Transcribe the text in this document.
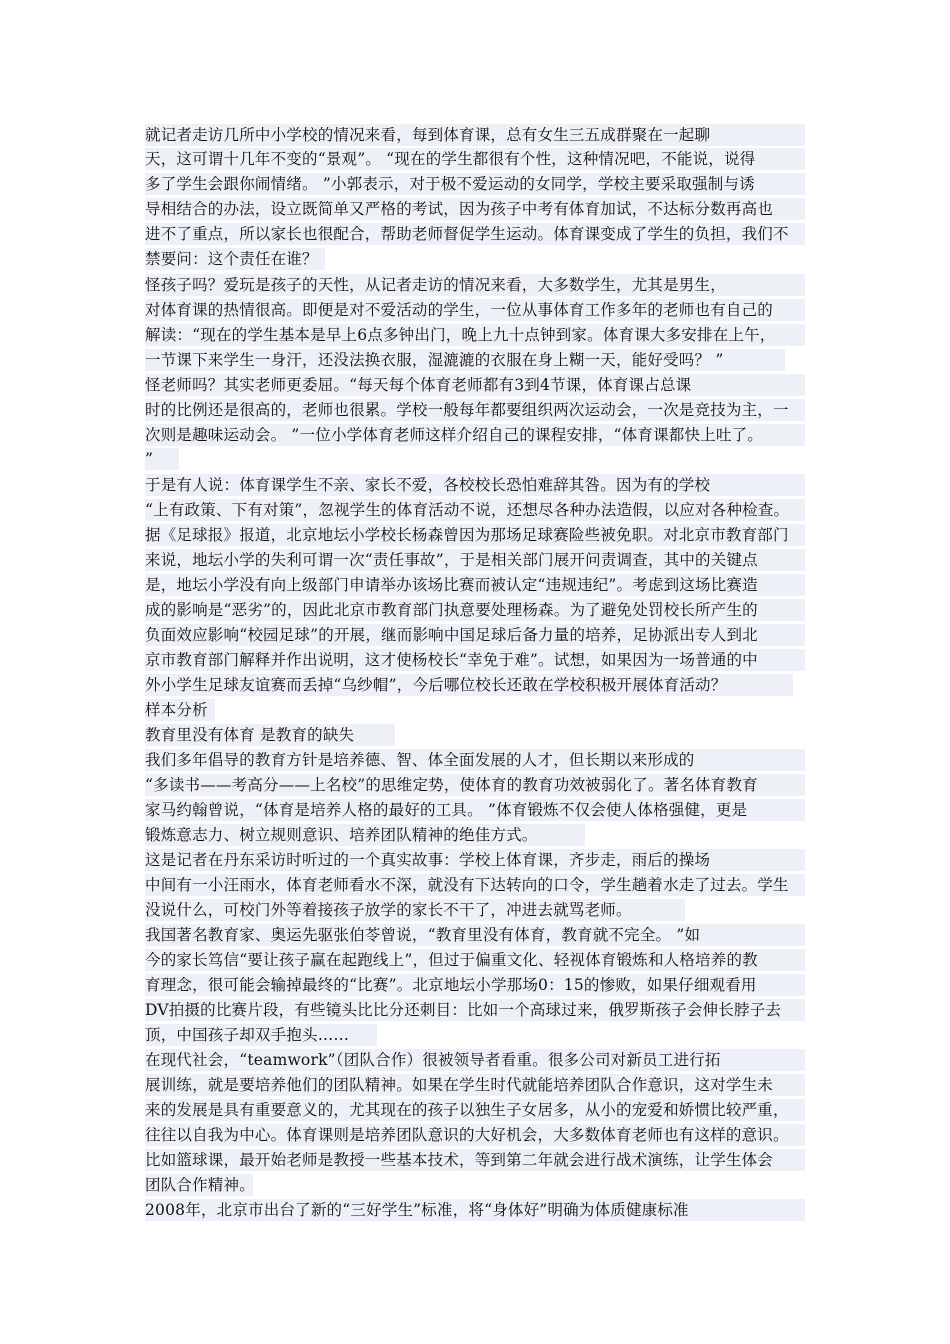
就记者走访几所中小学校的情况来看，每到体育课，总有女生三五成群聚在一起聊
天，这可谓十几年不变的“景观”。 “现在的学生都很有个性，这种情况吧，不能说，说得
多了学生会跟你闹情绪。 ”小郭表示，对于极不爱运动的女同学，学校主要采取强制与诱
导相结合的办法，设立既简单又严格的考试，因为孩子中考有体育加试，不达标分数再高也
进不了重点，所以家长也很配合，帮助老师督促学生运动。体育课变成了学生的负担，我们不
禁要问：这个责任在谁？
怪孩子吗？爱玩是孩子的天性，从记者走访的情况来看，大多数学生，尤其是男生，
对体育课的热情很高。即便是对不爱活动的学生，一位从事体育工作多年的老师也有自己的
解读：“现在的学生基本是早上6点多钟出门，晚上九十点钟到家。体育课大多安排在上午，
一节课下来学生一身汗，还没法换衣服，湿漉漉的衣服在身上糊一天，能好受吗？ ”
怪老师吗？其实老师更委屈。“每天每个体育老师都有3到4节课，体育课占总课
时的比例还是很高的，老师也很累。学校一般每年都要组织两次运动会，一次是竞技为主，一
次则是趣味运动会。 ”一位小学体育老师这样介绍自己的课程安排，“体育课都快上吐了。
”
于是有人说：体育课学生不亲、家长不爱，各校校长恐怕难辞其咎。因为有的学校
“上有政策、下有对策”，忽视学生的体育活动不说，还想尽各种办法造假，以应对各种检查。
据《足球报》报道，北京地坛小学校长杨森曾因为那场足球赛险些被免职。对北京市教育部门
来说，地坛小学的失利可谓一次“责任事故”，于是相关部门展开问责调查，其中的关键点
是，地坛小学没有向上级部门申请举办该场比赛而被认定“违规违纪”。考虑到这场比赛造
成的影响是“恶劣”的，因此北京市教育部门执意要处理杨森。为了避免处罚校长所产生的
负面效应影响“校园足球”的开展，继而影响中国足球后备力量的培养，足协派出专人到北
京市教育部门解释并作出说明，这才使杨校长“幸免于难”。试想，如果因为一场普通的中
外小学生足球友谊赛而丢掉“乌纱帽”，今后哪位校长还敢在学校积极开展体育活动？
样本分析
教育里没有体育 是教育的缺失
我们多年倡导的教育方针是培养德、智、体全面发展的人才，但长期以来形成的
“多读书——考高分——上名校”的思维定势，使体育的教育功效被弱化了。著名体育教育
家马约翰曾说，“体育是培养人格的最好的工具。 ”体育锻炼不仅会使人体格强健，更是
锻炼意志力、树立规则意识、培养团队精神的绝佳方式。
这是记者在丹东采访时听过的一个真实故事：学校上体育课，齐步走，雨后的操场
中间有一小汪雨水，体育老师看水不深，就没有下达转向的口令，学生趟着水走了过去。学生
没说什么，可校门外等着接孩子放学的家长不干了，冲进去就骂老师。
我国著名教育家、奥运先驱张伯苓曾说，“教育里没有体育，教育就不完全。 ”如
今的家长笃信“要让孩子赢在起跑线上”，但过于偏重文化、轻视体育锻炼和人格培养的教
育理念，很可能会输掉最终的“比赛”。北京地坛小学那场0：15的惨败，如果仔细观看用
DV拍摄的比赛片段，有些镜头比比分还刺目：比如一个高球过来，俄罗斯孩子会伸长脖子去
顶，中国孩子却双手抱头……
在现代社会，“teamwork”（团队合作）很被领导者看重。很多公司对新员工进行拓
展训练，就是要培养他们的团队精神。如果在学生时代就能培养团队合作意识，这对学生未
来的发展是具有重要意义的，尤其现在的孩子以独生子女居多，从小的宠爱和娇惯比较严重，
往往以自我为中心。体育课则是培养团队意识的大好机会，大多数体育老师也有这样的意识。
比如篮球课，最开始老师是教授一些基本技术，等到第二年就会进行战术演练，让学生体会
团队合作精神。
2008年，北京市出台了新的“三好学生”标准，将“身体好”明确为体质健康标准
